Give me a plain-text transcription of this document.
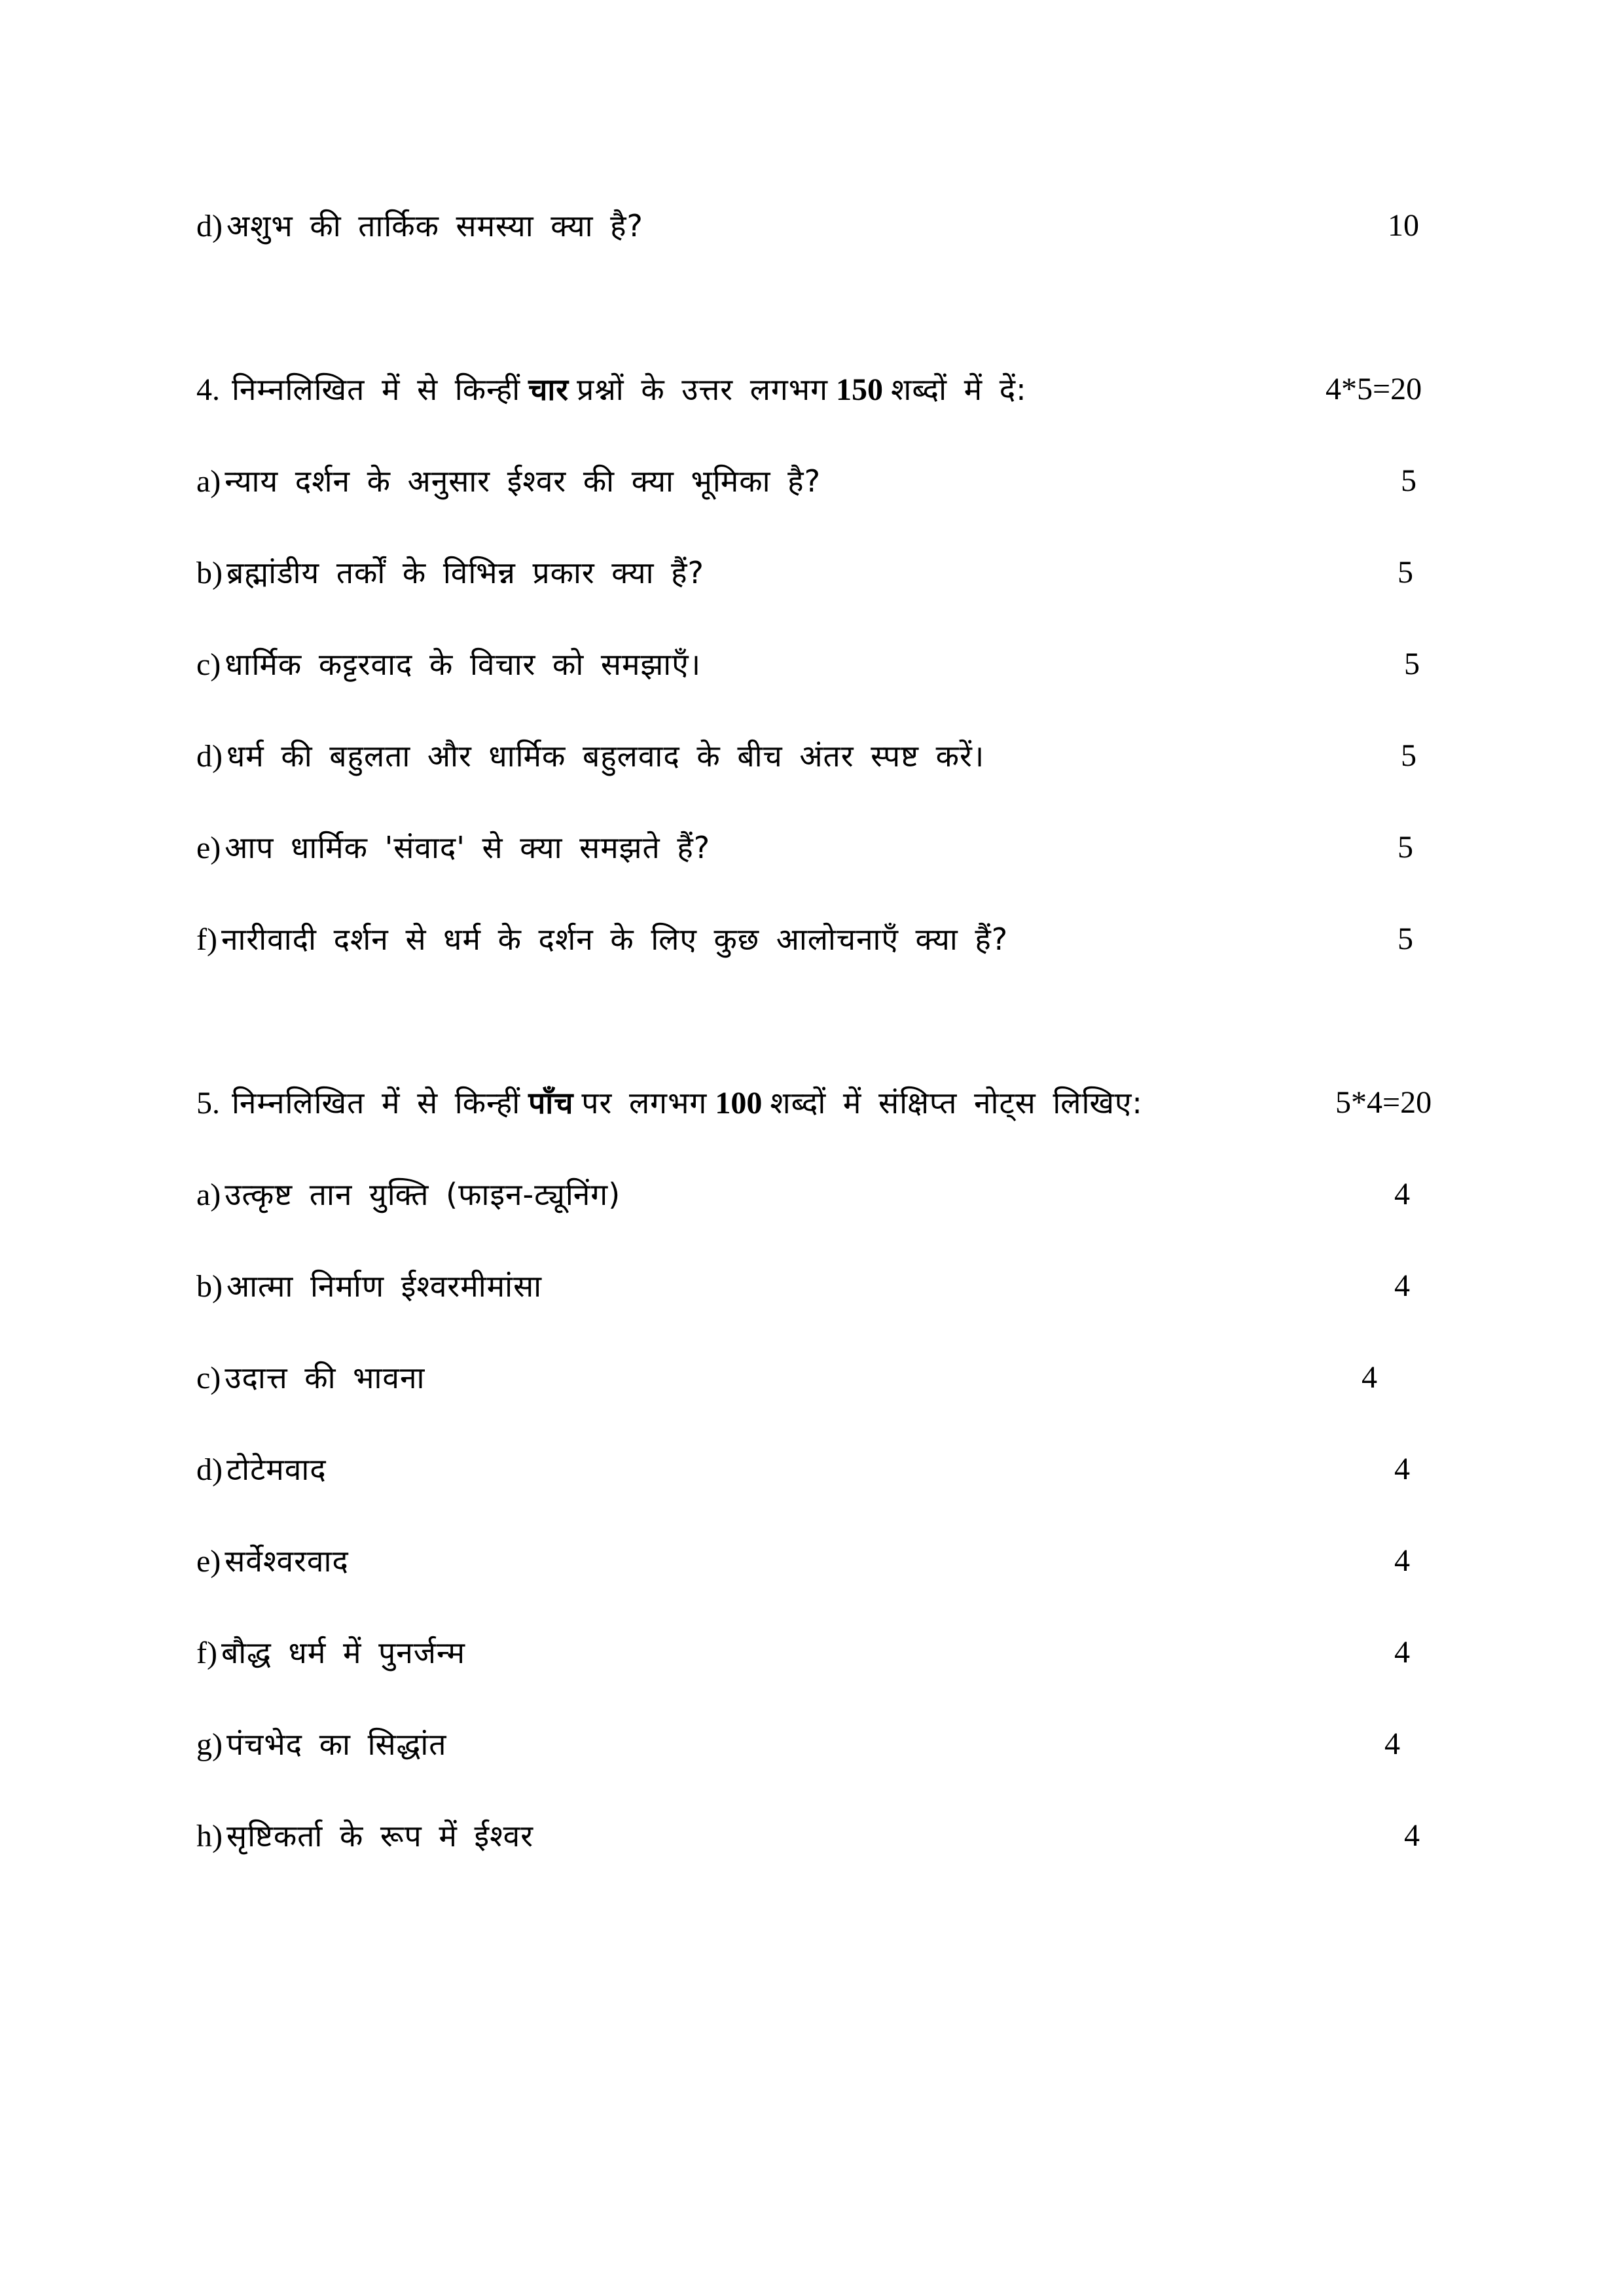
d) अशुभ की तार्किक समस्या क्या है?	10
4. निम्नलिखित में से किन्हीं चार प्रश्नों के उत्तर लगभग 150 शब्दों में दें:	4*5=20
a) न्याय दर्शन के अनुसार ईश्वर की क्या भूमिका है?	5
b) ब्रह्मांडीय तर्कों के विभिन्न प्रकार क्या हैं?	5
c) धार्मिक कट्टरवाद के विचार को समझाएँ।	5
d) धर्म की बहुलता और धार्मिक बहुलवाद के बीच अंतर स्पष्ट करें।	5
e) आप धार्मिक 'संवाद' से क्या समझते हैं?	5
f) नारीवादी दर्शन से धर्म के दर्शन के लिए कुछ आलोचनाएँ क्या हैं?	5
5. निम्नलिखित में से किन्हीं पाँच पर लगभग 100 शब्दों में संक्षिप्त नोट्स लिखिए:	5*4=20
a) उत्कृष्ट तान युक्ति (फाइन-ट्यूनिंग)	4
b) आत्मा निर्माण ईश्वरमीमांसा	4
c) उदात्त की भावना	4
d) टोटेमवाद	4
e) सर्वेश्वरवाद	4
f) बौद्ध धर्म में पुनर्जन्म	4
g) पंचभेद का सिद्धांत	4
h) सृष्टिकर्ता के रूप में ईश्वर	4
